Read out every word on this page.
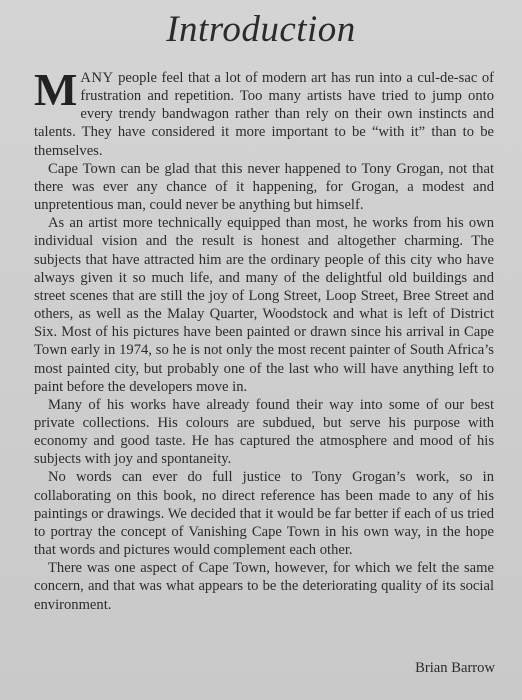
Introduction

MANY people feel that a lot of modern art has run into a cul-de-sac of frustration and repetition. Too many artists have tried to jump onto every trendy bandwagon rather than rely on their own instincts and talents. They have considered it more important to be “with it” than to be themselves.

Cape Town can be glad that this never happened to Tony Grogan, not that there was ever any chance of it happening, for Grogan, a modest and unpretentious man, could never be anything but himself.

As an artist more technically equipped than most, he works from his own individual vision and the result is honest and altogether charming. The subjects that have attracted him are the ordinary people of this city who have always given it so much life, and many of the delightful old buildings and street scenes that are still the joy of Long Street, Loop Street, Bree Street and others, as well as the Malay Quarter, Woodstock and what is left of District Six. Most of his pictures have been painted or drawn since his arrival in Cape Town early in 1974, so he is not only the most recent painter of South Africa’s most painted city, but probably one of the last who will have anything left to paint before the developers move in.

Many of his works have already found their way into some of our best private collections. His colours are subdued, but serve his purpose with economy and good taste. He has captured the atmosphere and mood of his subjects with joy and spontaneity.

No words can ever do full justice to Tony Grogan’s work, so in collaborating on this book, no direct reference has been made to any of his paintings or drawings. We decided that it would be far better if each of us tried to portray the concept of Vanishing Cape Town in his own way, in the hope that words and pictures would complement each other.

There was one aspect of Cape Town, however, for which we felt the same concern, and that was what appears to be the deteriorating quality of its social environment.

Brian Barrow
